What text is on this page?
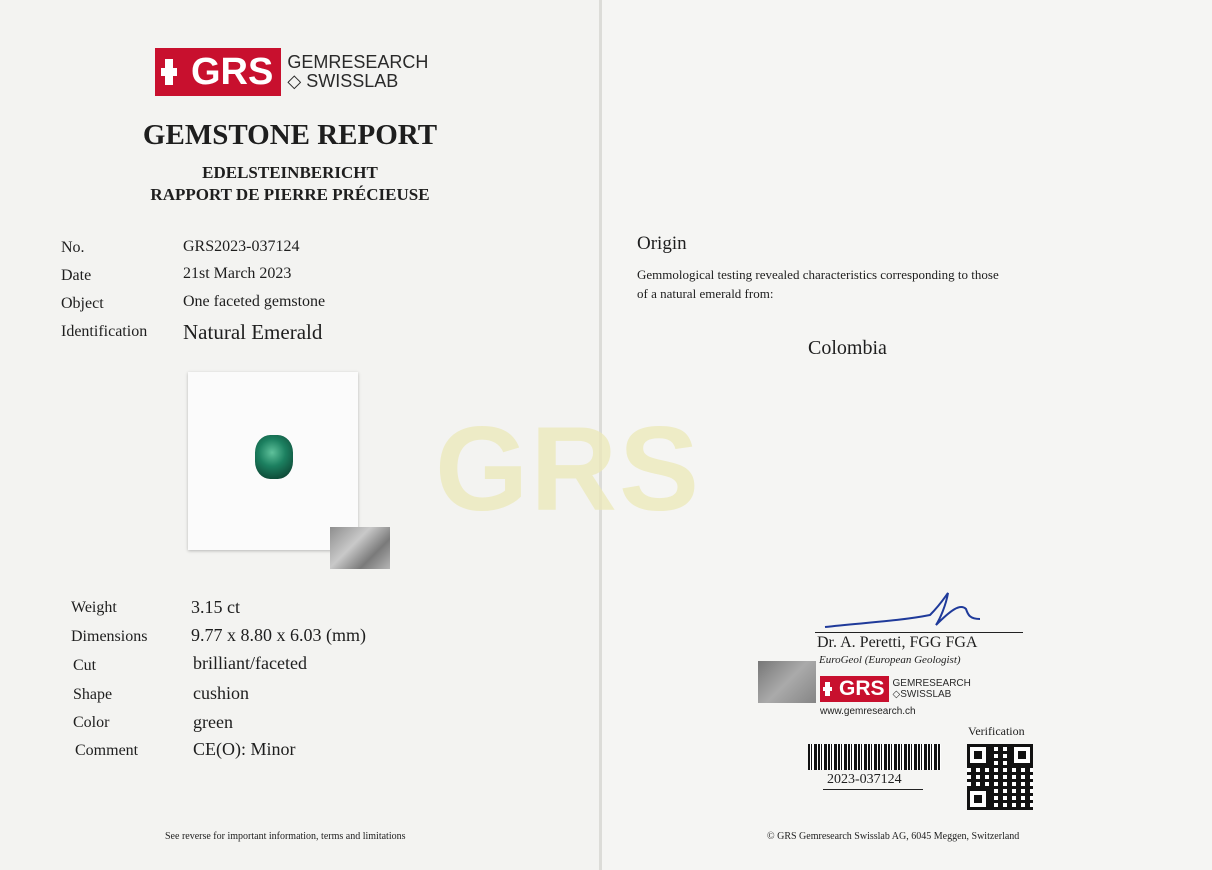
GRS
GRS GEMRESEARCH
◇ SWISSLAB
GEMSTONE REPORT
EDELSTEINBERICHT
RAPPORT DE PIERRE PRÉCIEUSE
No.	GRS2023-037124
Date	21st March 2023
Object	One faceted gemstone
Identification Natural Emerald
Weight	3.15 ct
Dimensions 9.77 x 8.80 x 6.03 (mm)
Cut	brilliant/faceted
Shape	cushion
Color	green
Comment	CE(O): Minor
See reverse for important information, terms and limitations
Origin
Gemmological testing revealed characteristics corresponding to those
of a natural emerald from:
Colombia
Dr. A. Peretti, FGG FGA
EuroGeol (European Geologist)
GRS GEMRESEARCH
◇SWISSLAB
www.gemresearch.ch
Verification
2023-037124
© GRS Gemresearch Swisslab AG, 6045 Meggen, Switzerland
